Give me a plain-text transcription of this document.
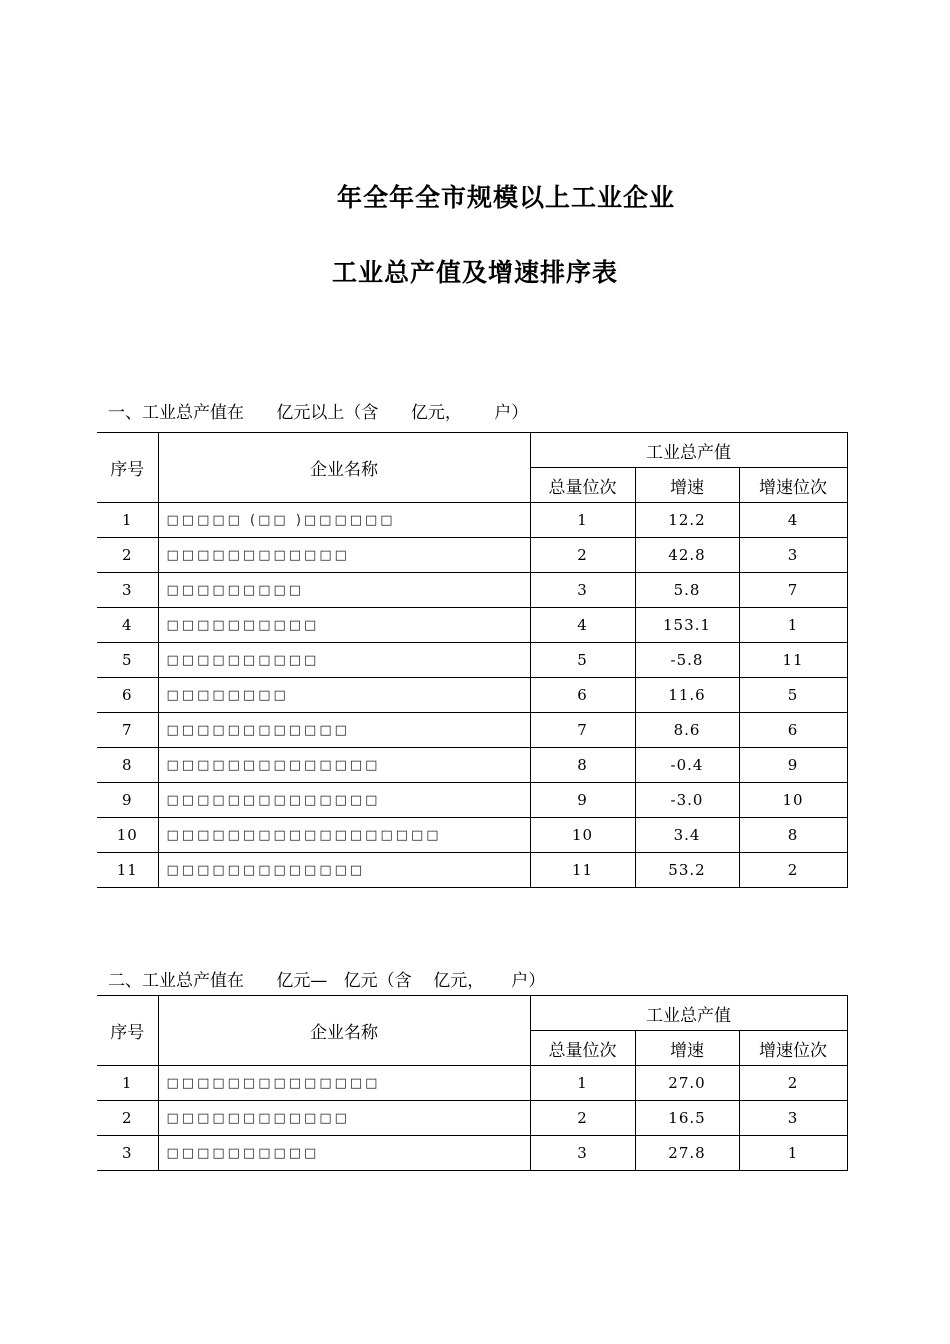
年全年全市规模以上工业企业
工业总产值及增速排序表
一、工业总产值在      亿元以上（含      亿元，      户）
序号	企业名称	工业总产值		
		总量位次	增速	增速位次
1	□□□□□ (□□ )□□□□□□	1	12.2	4
2	□□□□□□□□□□□□	2	42.8	3
3	□□□□□□□□□	3	5.8	7
4	□□□□□□□□□□	4	153.1	1
5	□□□□□□□□□□	5	-5.8	11
6	□□□□□□□□	6	11.6	5
7	□□□□□□□□□□□□	7	8.6	6
8	□□□□□□□□□□□□□□	8	-0.4	9
9	□□□□□□□□□□□□□□	9	-3.0	10
10	□□□□□□□□□□□□□□□□□□	10	3.4	8
11	□□□□□□□□□□□□□	11	53.2	2
二、工业总产值在      亿元—   亿元（含    亿元，     户）
序号	企业名称	工业总产值		
		总量位次	增速	增速位次
1	□□□□□□□□□□□□□□	1	27.0	2
2	□□□□□□□□□□□□	2	16.5	3
3	□□□□□□□□□□	3	27.8	1
